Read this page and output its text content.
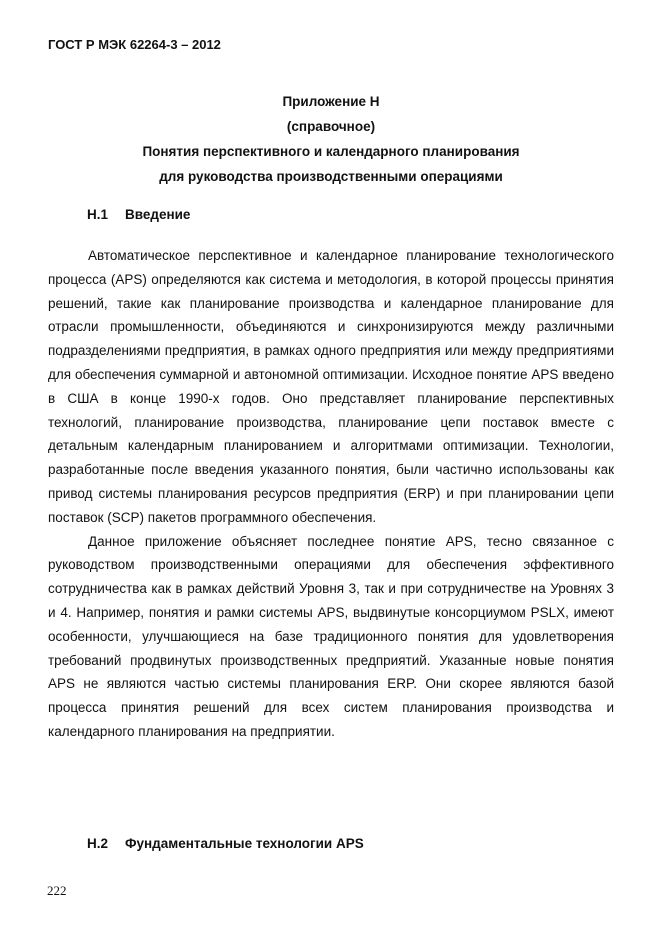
ГОСТ Р МЭК 62264-3 – 2012
Приложение Н
(справочное)
Понятия перспективного и календарного планирования
для руководства производственными операциями
Н.1 Введение

Автоматическое перспективное и календарное планирование технологического процесса (APS) определяются как система и методология, в которой процессы принятия решений, такие как планирование производства и календарное планирование для отрасли промышленности, объединяются и синхронизируются между различными подразделениями предприятия, в рамках одного предприятия или между предприятиями для обеспечения суммарной и автономной оптимизации. Исходное понятие APS введено в США в конце 1990-х годов. Оно представляет планирование перспективных технологий, планирование производства, планирование цепи поставок вместе с детальным календарным планированием и алгоритмами оптимизации. Технологии, разработанные после введения указанного понятия, были частично использованы как привод системы планирования ресурсов предприятия (ERP) и при планировании цепи поставок (SCP) пакетов программного обеспечения.

Данное приложение объясняет последнее понятие APS, тесно связанное с руководством производственными операциями для обеспечения эффективного сотрудничества как в рамках действий Уровня 3, так и при сотрудничестве на Уровнях 3 и 4. Например, понятия и рамки системы APS, выдвинутые консорциумом PSLX, имеют особенности, улучшающиеся на базе традиционного понятия для удовлетворения требований продвинутых производственных предприятий. Указанные новые понятия APS не являются частью системы планирования ERP. Они скорее являются базой процесса принятия решений для всех систем планирования производства и календарного планирования на предприятии.

Н.2 Фундаментальные технологии APS
222
